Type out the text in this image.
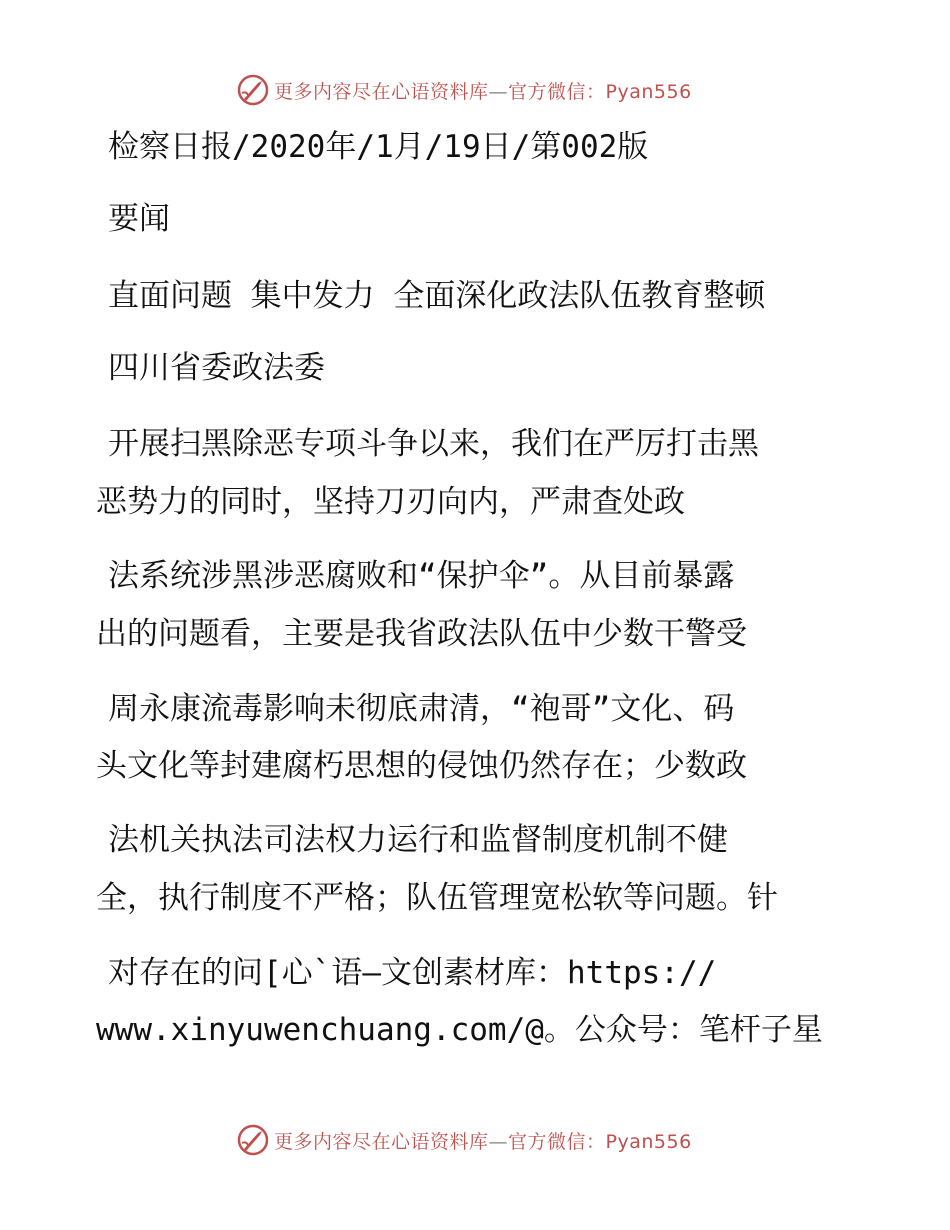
更多内容尽在心语资料库—官方微信：Pyan556
检察日报/2020年/1月/19日/第002版
要闻
直面问题 集中发力 全面深化政法队伍教育整顿
四川省委政法委
开展扫黑除恶专项斗争以来，我们在严厉打击黑
恶势力的同时，坚持刀刃向内，严肃查处政
法系统涉黑涉恶腐败和“保护伞”。从目前暴露
出的问题看，主要是我省政法队伍中少数干警受
周永康流毒影响未彻底肃清，“袍哥”文化、码
头文化等封建腐朽思想的侵蚀仍然存在；少数政
法机关执法司法权力运行和监督制度机制不健
全，执行制度不严格；队伍管理宽松软等问题。针
对存在的问[心`语—文创素材库：https://
www.xinyuwenchuang.com/@。公众号：笔杆子星
更多内容尽在心语资料库—官方微信：Pyan556
